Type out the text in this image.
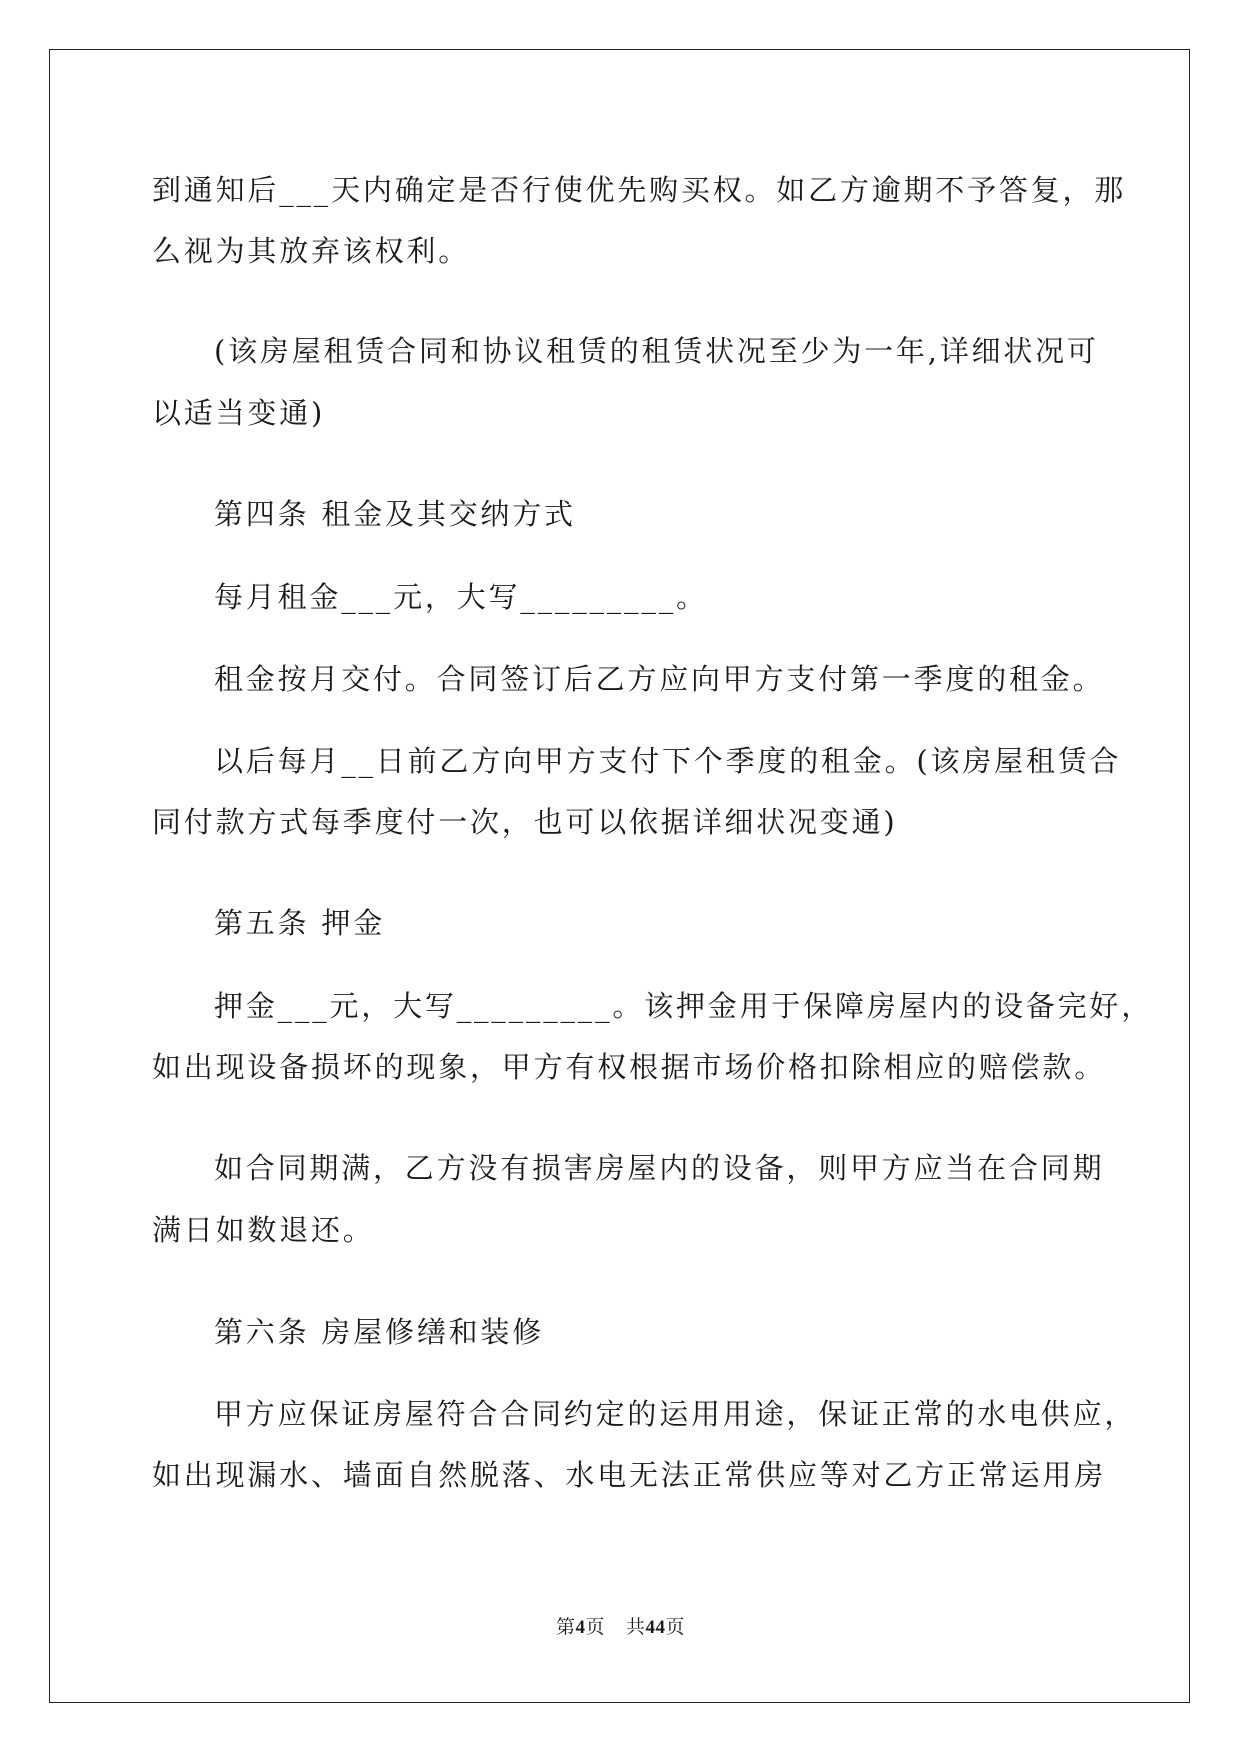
到通知后___天内确定是否行使优先购买权。如乙方逾期不予答复，那
么视为其放弃该权利。
(该房屋租赁合同和协议租赁的租赁状况至少为一年,详细状况可
以适当变通)
第四条 租金及其交纳方式
每月租金___元，大写_________。
租金按月交付。合同签订后乙方应向甲方支付第一季度的租金。
以后每月__日前乙方向甲方支付下个季度的租金。(该房屋租赁合
同付款方式每季度付一次，也可以依据详细状况变通)
第五条 押金
押金___元，大写_________。该押金用于保障房屋内的设备完好，
如出现设备损坏的现象，甲方有权根据市场价格扣除相应的赔偿款。
如合同期满，乙方没有损害房屋内的设备，则甲方应当在合同期
满日如数退还。
第六条 房屋修缮和装修
甲方应保证房屋符合合同约定的运用用途，保证正常的水电供应，
如出现漏水、墙面自然脱落、水电无法正常供应等对乙方正常运用房
第4页    共44页
